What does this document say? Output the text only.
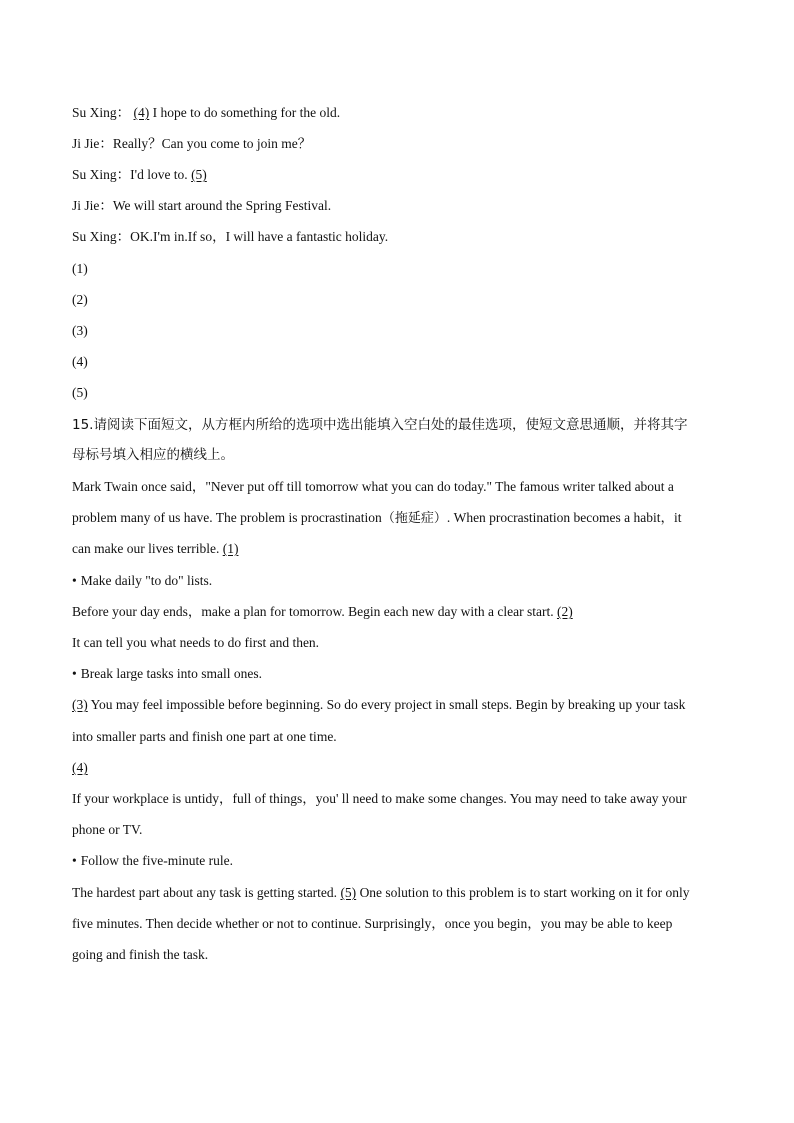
Su Xing： (4) I hope to do something for the old.
Ji Jie：Really？Can you come to join me？
Su Xing：I'd love to. (5)
Ji Jie：We will start around the Spring Festival.
Su Xing：OK.I'm in.If so，I will have a fantastic holiday.
(1)
(2)
(3)
(4)
(5)
15.请阅读下面短文，从方框内所给的选项中选出能填入空白处的最佳选项，使短文意思通顺，并将其字
母标号填入相应的横线上。
Mark Twain once said，"Never put off till tomorrow what you can do today." The famous writer talked about a
problem many of us have. The problem is procrastination（拖延症）. When procrastination becomes a habit，it
can make our lives terrible. (1)
• Make daily "to do" lists.
Before your day ends，make a plan for tomorrow. Begin each new day with a clear start. (2)
It can tell you what needs to do first and then.
• Break large tasks into small ones.
(3) You may feel impossible before beginning. So do every project in small steps. Begin by breaking up your task
into smaller parts and finish one part at one time.
(4)
If your workplace is untidy，full of things，you' ll need to make some changes. You may need to take away your
phone or TV.
• Follow the five-minute rule.
The hardest part about any task is getting started. (5) One solution to this problem is to start working on it for only
five minutes. Then decide whether or not to continue. Surprisingly，once you begin，you may be able to keep
going and finish the task.
